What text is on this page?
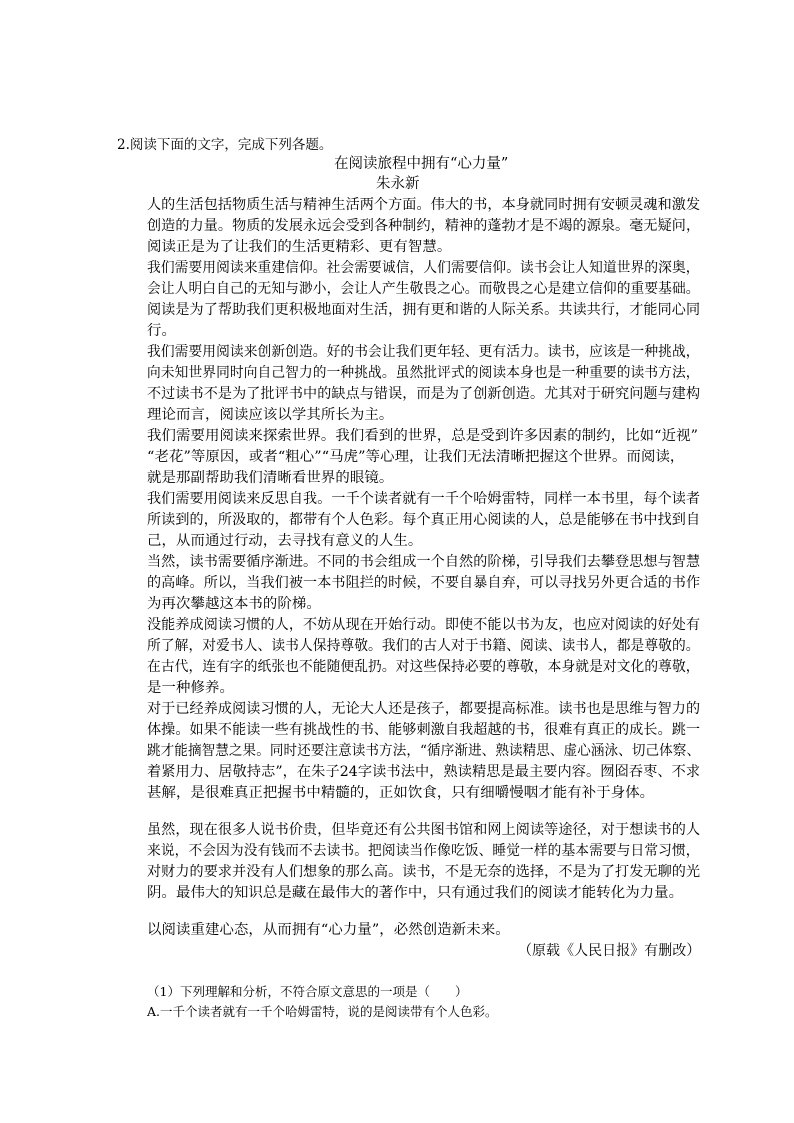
2.阅读下面的文字，完成下列各题。
在阅读旅程中拥有“心力量”
朱永新
人的生活包括物质生活与精神生活两个方面。伟大的书，本身就同时拥有安顿灵魂和激发
创造的力量。物质的发展永远会受到各种制约，精神的蓬勃才是不竭的源泉。毫无疑问，
阅读正是为了让我们的生活更精彩、更有智慧。
我们需要用阅读来重建信仰。社会需要诚信，人们需要信仰。读书会让人知道世界的深奥，
会让人明白自己的无知与渺小，会让人产生敬畏之心。而敬畏之心是建立信仰的重要基础。
阅读是为了帮助我们更积极地面对生活，拥有更和谐的人际关系。共读共行，才能同心同
行。
我们需要用阅读来创新创造。好的书会让我们更年轻、更有活力。读书，应该是一种挑战，
向未知世界同时向自己智力的一种挑战。虽然批评式的阅读本身也是一种重要的读书方法，
不过读书不是为了批评书中的缺点与错误，而是为了创新创造。尤其对于研究问题与建构
理论而言，阅读应该以学其所长为主。
我们需要用阅读来探索世界。我们看到的世界，总是受到许多因素的制约，比如“近视”
“老花”等原因，或者“粗心”“马虎”等心理，让我们无法清晰把握这个世界。而阅读，
就是那副帮助我们清晰看世界的眼镜。
我们需要用阅读来反思自我。一千个读者就有一千个哈姆雷特，同样一本书里，每个读者
所读到的，所汲取的，都带有个人色彩。每个真正用心阅读的人，总是能够在书中找到自
己，从而通过行动，去寻找有意义的人生。
当然，读书需要循序渐进。不同的书会组成一个自然的阶梯，引导我们去攀登思想与智慧
的高峰。所以，当我们被一本书阻拦的时候，不要自暴自弃，可以寻找另外更合适的书作
为再次攀越这本书的阶梯。
没能养成阅读习惯的人，不妨从现在开始行动。即使不能以书为友，也应对阅读的好处有
所了解，对爱书人、读书人保持尊敬。我们的古人对于书籍、阅读、读书人，都是尊敬的。
在古代，连有字的纸张也不能随便乱扔。对这些保持必要的尊敬，本身就是对文化的尊敬，
是一种修养。
对于已经养成阅读习惯的人，无论大人还是孩子，都要提高标准。读书也是思维与智力的
体操。如果不能读一些有挑战性的书、能够刺激自我超越的书，很难有真正的成长。跳一
跳才能摘智慧之果。同时还要注意读书方法，“循序渐进、熟读精思、虚心涵泳、切己体察、
着紧用力、居敬持志”，在朱子24字读书法中，熟读精思是最主要内容。囫囵吞枣、不求
甚解，是很难真正把握书中精髓的，正如饮食，只有细嚼慢咽才能有补于身体。
虽然，现在很多人说书价贵，但毕竟还有公共图书馆和网上阅读等途径，对于想读书的人
来说，不会因为没有钱而不去读书。把阅读当作像吃饭、睡觉一样的基本需要与日常习惯，
对财力的要求并没有人们想象的那么高。读书，不是无奈的选择，不是为了打发无聊的光
阴。最伟大的知识总是藏在最伟大的著作中，只有通过我们的阅读才能转化为力量。
以阅读重建心态，从而拥有“心力量”，必然创造新未来。
（原载《人民日报》有删改）
（1）下列理解和分析，不符合原文意思的一项是（　　）
A.一千个读者就有一千个哈姆雷特，说的是阅读带有个人色彩。
